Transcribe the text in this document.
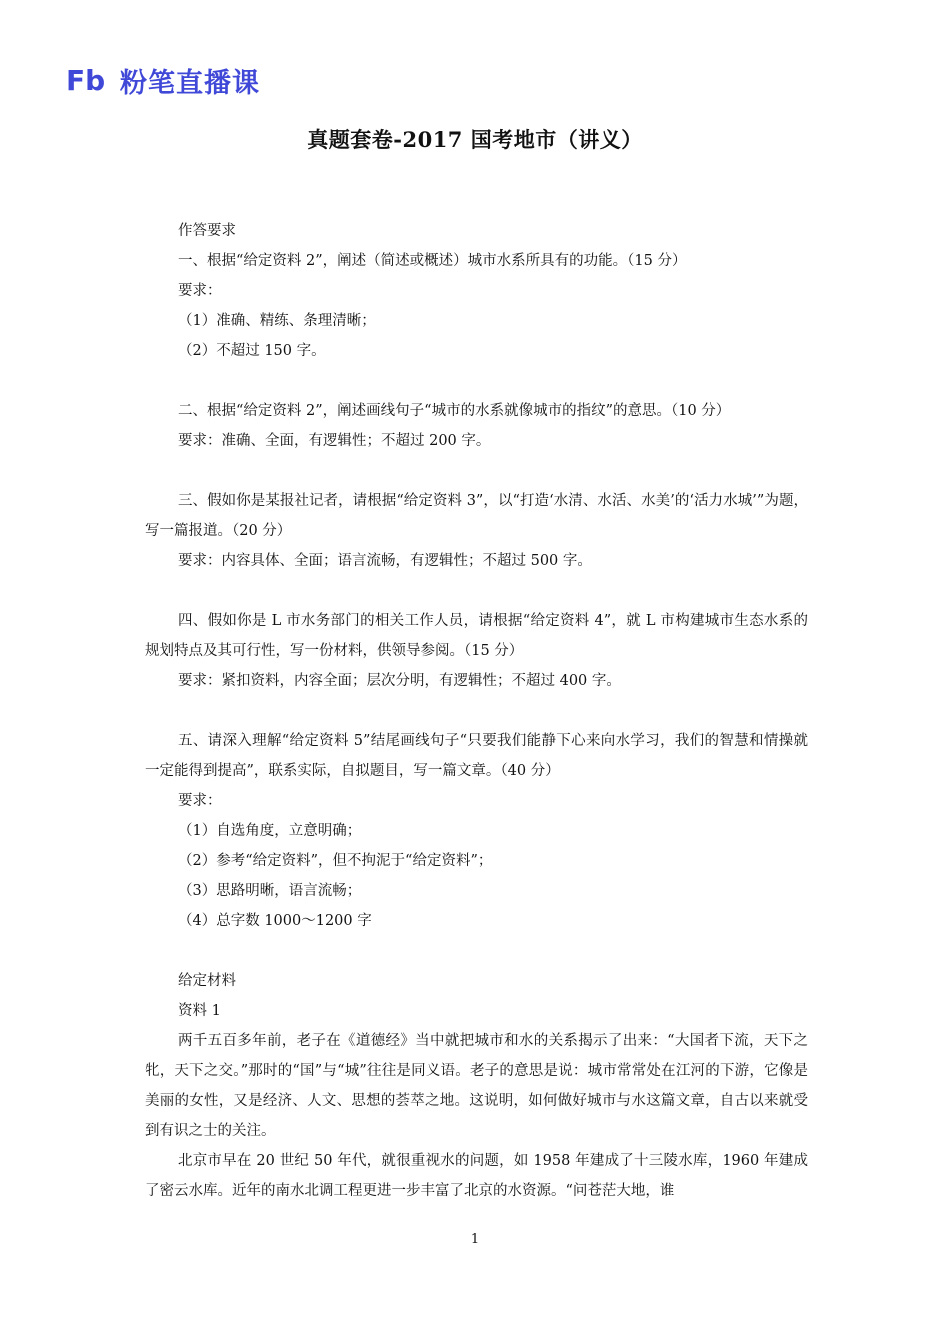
Fb 粉笔直播课
真题套卷-2017 国考地市（讲义）

作答要求

一、根据“给定资料 2”，阐述（简述或概述）城市水系所具有的功能。（15 分）

要求：

（1）准确、精练、条理清晰；

（2）不超过 150 字。

二、根据“给定资料 2”，阐述画线句子“城市的水系就像城市的指纹”的意思。（10 分）

要求：准确、全面，有逻辑性；不超过 200 字。

三、假如你是某报社记者，请根据“给定资料 3”，以“打造‘水清、水活、水美’的‘活力水城’”为题，写一篇报道。（20 分）

要求：内容具体、全面；语言流畅，有逻辑性；不超过 500 字。

四、假如你是 L 市水务部门的相关工作人员，请根据“给定资料 4”，就 L 市构建城市生态水系的规划特点及其可行性，写一份材料，供领导参阅。（15 分）

要求：紧扣资料，内容全面；层次分明，有逻辑性；不超过 400 字。

五、请深入理解“给定资料 5”结尾画线句子“只要我们能静下心来向水学习，我们的智慧和情操就一定能得到提高”，联系实际，自拟题目，写一篇文章。（40 分）

要求：

（1）自选角度，立意明确；

（2）参考“给定资料”，但不拘泥于“给定资料”；

（3）思路明晰，语言流畅；

（4）总字数 1000～1200 字

给定材料

资料 1

两千五百多年前，老子在《道德经》当中就把城市和水的关系揭示了出来：“大国者下流，天下之牝，天下之交。”那时的“国”与“城”往往是同义语。老子的意思是说：城市常常处在江河的下游，它像是美丽的女性，又是经济、人文、思想的荟萃之地。这说明，如何做好城市与水这篇文章，自古以来就受到有识之士的关注。

北京市早在 20 世纪 50 年代，就很重视水的问题，如 1958 年建成了十三陵水库，1960 年建成了密云水库。近年的南水北调工程更进一步丰富了北京的水资源。“问苍茫大地，谁

1
